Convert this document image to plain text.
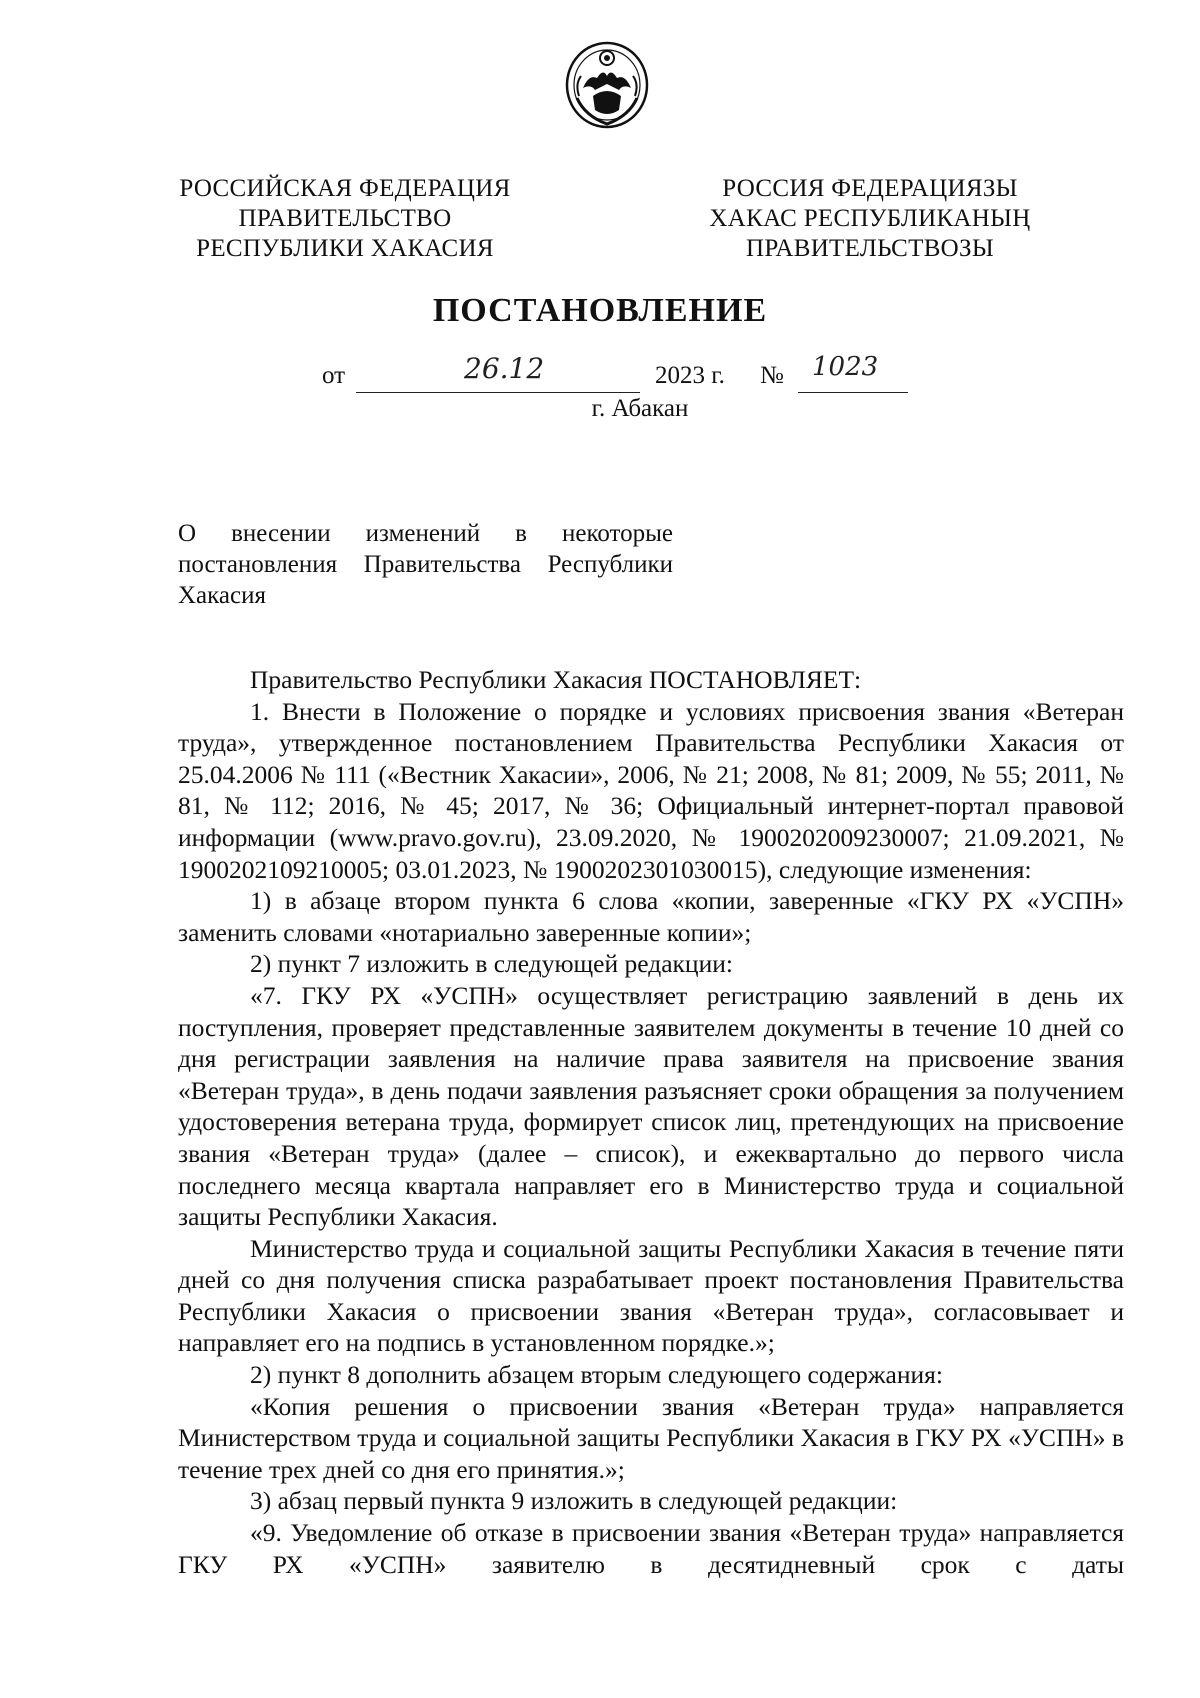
РОССИЙСКАЯ ФЕДЕРАЦИЯ
ПРАВИТЕЛЬСТВО
РЕСПУБЛИКИ ХАКАСИЯ
РОССИЯ ФЕДЕРАЦИЯЗЫ
ХАКАС РЕСПУБЛИКАНЫҢ
ПРАВИТЕЛЬСТВОЗЫ
ПОСТАНОВЛЕНИЕ
от	26.12	2023 г. № 1023
г. Абакан
О внесении изменений в некоторые постановления Правительства Республики Хакасия

Правительство Республики Хакасия ПОСТАНОВЛЯЕТ:

1. Внести в Положение о порядке и условиях присвоения звания «Ветеран труда», утвержденное постановлением Правительства Республики Хакасия от 25.04.2006 № 111 («Вестник Хакасии», 2006, № 21; 2008, № 81; 2009, № 55; 2011, № 81, № 112; 2016, № 45; 2017, № 36; Официальный интернет-портал правовой информации (www.pravo.gov.ru), 23.09.2020, № 1900202009230007; 21.09.2021, № 1900202109210005; 03.01.2023, № 1900202301030015), следующие изменения:

1) в абзаце втором пункта 6 слова «копии, заверенные «ГКУ РХ «УСПН» заменить словами «нотариально заверенные копии»;

2) пункт 7 изложить в следующей редакции:

«7. ГКУ РХ «УСПН» осуществляет регистрацию заявлений в день их поступления, проверяет представленные заявителем документы в течение 10 дней со дня регистрации заявления на наличие права заявителя на присвоение звания «Ветеран труда», в день подачи заявления разъясняет сроки обращения за получением удостоверения ветерана труда, формирует список лиц, претендующих на присвоение звания «Ветеран труда» (далее – список), и ежеквартально до первого числа последнего месяца квартала направляет его в Министерство труда и социальной защиты Республики Хакасия.

Министерство труда и социальной защиты Республики Хакасия в течение пяти дней со дня получения списка разрабатывает проект постановления Правительства Республики Хакасия о присвоении звания «Ветеран труда», согласовывает и направляет его на подпись в установленном порядке.»;

2) пункт 8 дополнить абзацем вторым следующего содержания:

«Копия решения о присвоении звания «Ветеран труда» направляется Министерством труда и социальной защиты Республики Хакасия в ГКУ РХ «УСПН» в течение трех дней со дня его принятия.»;

3) абзац первый пункта 9 изложить в следующей редакции:

«9. Уведомление об отказе в присвоении звания «Ветеран труда» направляется ГКУ РХ «УСПН» заявителю в десятидневный срок с даты
